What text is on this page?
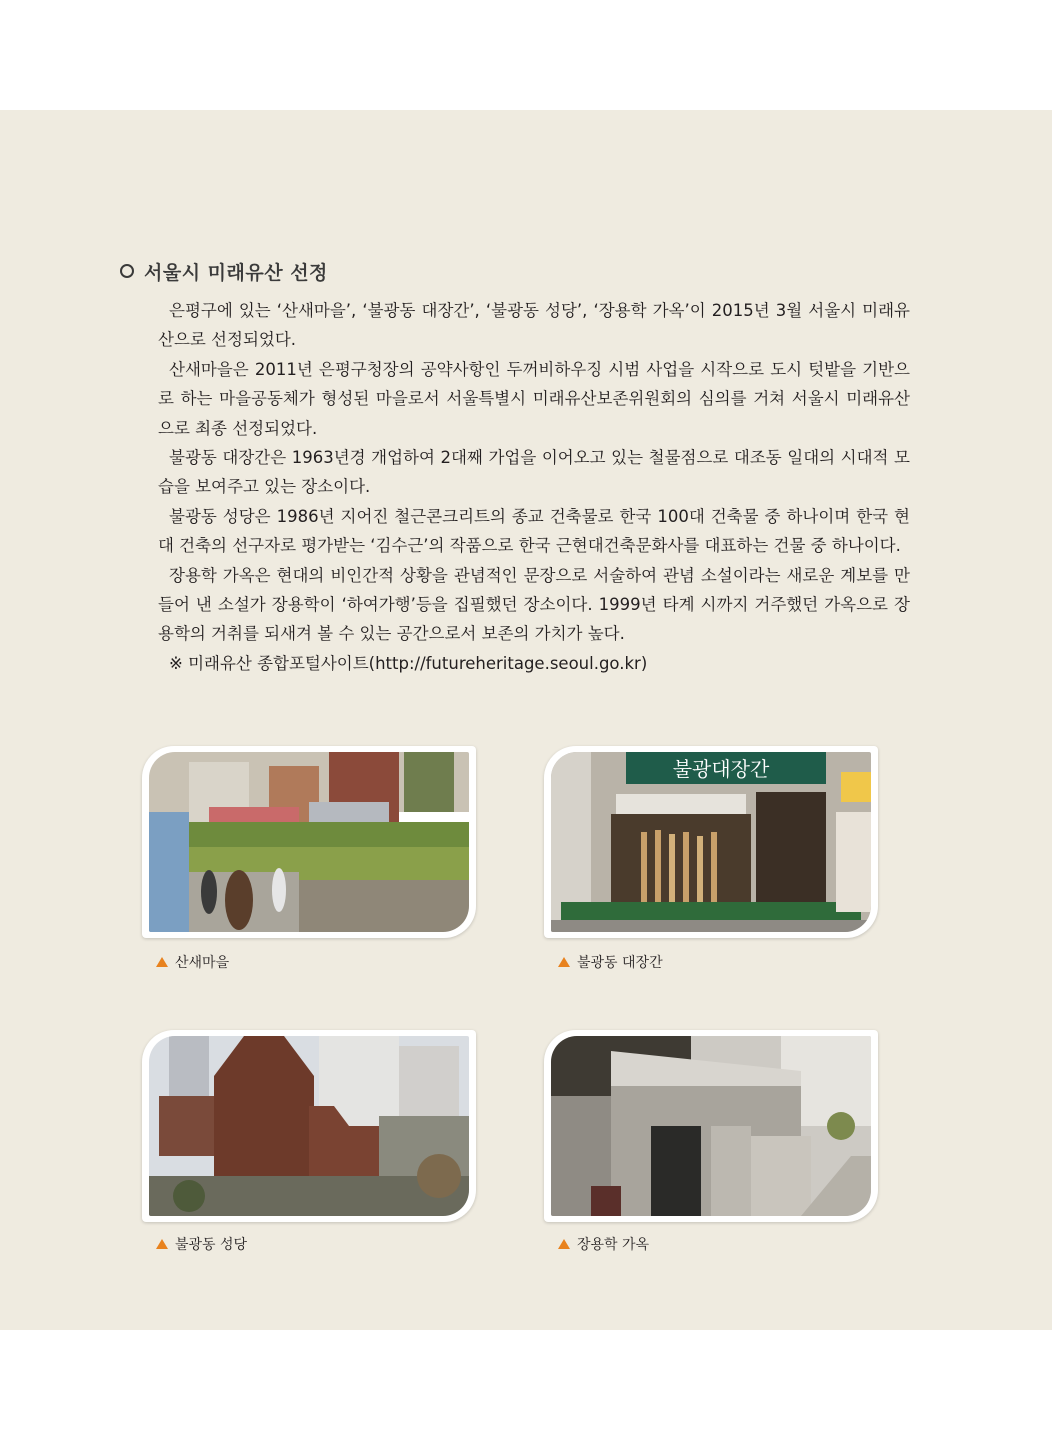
서울시 미래유산 선정

은평구에 있는 ‘산새마을’, ‘불광동 대장간’, ‘불광동 성당’, ‘장용학 가옥’이 2015년 3월 서울시 미래유산으로 선정되었다.

산새마을은 2011년 은평구청장의 공약사항인 두꺼비하우징 시범 사업을 시작으로 도시 텃밭을 기반으로 하는 마을공동체가 형성된 마을로서 서울특별시 미래유산보존위원회의 심의를 거쳐 서울시 미래유산으로 최종 선정되었다.

불광동 대장간은 1963년경 개업하여 2대째 가업을 이어오고 있는 철물점으로 대조동 일대의 시대적 모습을 보여주고 있는 장소이다.

불광동 성당은 1986년 지어진 철근콘크리트의 종교 건축물로 한국 100대 건축물 중 하나이며 한국 현대 건축의 선구자로 평가받는 ‘김수근’의 작품으로 한국 근현대건축문화사를 대표하는 건물 중 하나이다.

장용학 가옥은 현대의 비인간적 상황을 관념적인 문장으로 서술하여 관념 소설이라는 새로운 계보를 만들어 낸 소설가 장용학이 ‘하여가행’등을 집필했던 장소이다. 1999년 타계 시까지 거주했던 가옥으로 장용학의 거취를 되새겨 볼 수 있는 공간으로서 보존의 가치가 높다.

※ 미래유산 종합포털사이트(http://futureheritage.seoul.go.kr)

산새마을
불광대장간
불광동 대장간
불광동 성당	장용학 가옥
